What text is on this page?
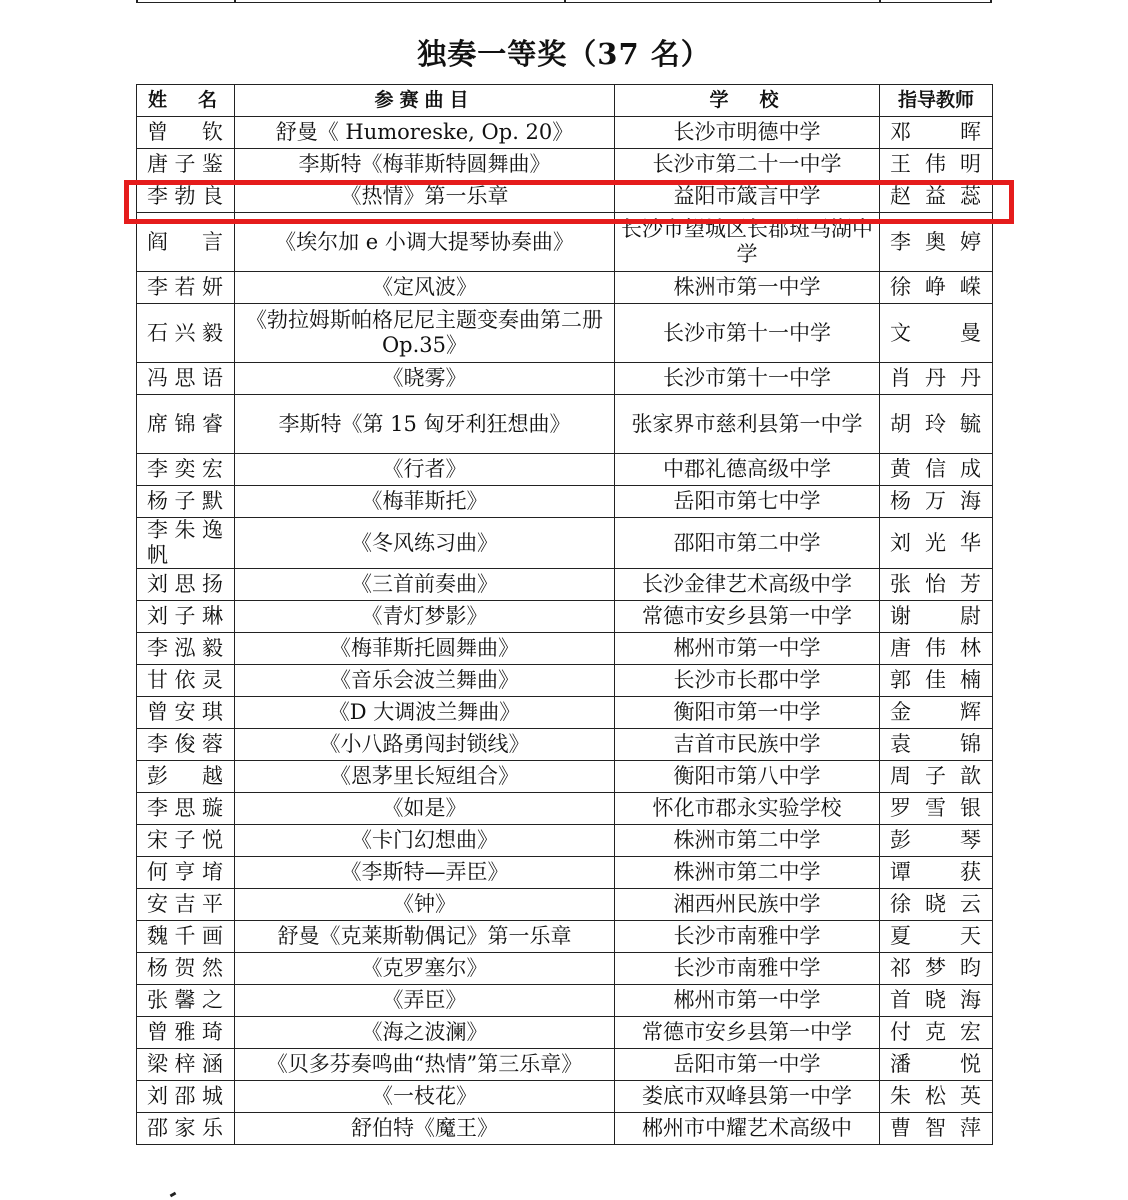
独奏一等奖（37 名）
姓　名	参赛曲目	学　校	指导教师
曾钦	舒曼《 Humoreske, Op. 20》	长沙市明德中学	邓晖
唐子鉴	李斯特《梅菲斯特圆舞曲》	长沙市第二十一中学	王伟明
李勃良	《热情》第一乐章	益阳市箴言中学	赵益蕊
阎言	《埃尔加 e 小调大提琴协奏曲》	长沙市望城区长郡斑马湖中学	李奥婷
李若妍	《定风波》	株洲市第一中学	徐峥嵘
石兴毅	《勃拉姆斯帕格尼尼主题变奏曲第二册 Op.35》	长沙市第十一中学	文曼
冯思语	《晓雾》	长沙市第十一中学	肖丹丹
席锦睿	李斯特《第 15 匈牙利狂想曲》	张家界市慈利县第一中学	胡玲毓
李奕宏	《行者》	中郡礼德高级中学	黄信成
杨子默	《梅菲斯托》	岳阳市第七中学	杨万海
李朱逸帆	《冬风练习曲》	邵阳市第二中学	刘光华
刘思扬	《三首前奏曲》	长沙金律艺术高级中学	张怡芳
刘子琳	《青灯梦影》	常德市安乡县第一中学	谢尉
李泓毅	《梅菲斯托圆舞曲》	郴州市第一中学	唐伟林
甘依灵	《音乐会波兰舞曲》	长沙市长郡中学	郭佳楠
曾安琪	《D 大调波兰舞曲》	衡阳市第一中学	金辉
李俊蓉	《小八路勇闯封锁线》	吉首市民族中学	袁锦
彭越	《恩茅里长短组合》	衡阳市第八中学	周子歆
李思璇	《如是》	怀化市郡永实验学校	罗雪银
宋子悦	《卡门幻想曲》	株洲市第二中学	彭琴
何亨堉	《李斯特—弄臣》	株洲市第二中学	谭获
安吉平	《钟》	湘西州民族中学	徐晓云
魏千画	舒曼《克莱斯勒偶记》第一乐章	长沙市南雅中学	夏天
杨贺然	《克罗塞尔》	长沙市南雅中学	祁梦昀
张馨之	《弄臣》	郴州市第一中学	首晓海
曾雅琦	《海之波澜》	常德市安乡县第一中学	付克宏
梁梓涵	《贝多芬奏鸣曲“热情”第三乐章》	岳阳市第一中学	潘悦
刘邵城	《一枝花》	娄底市双峰县第一中学	朱松英
邵家乐	舒伯特《魔王》	郴州市中耀艺术高级中	曹智萍
